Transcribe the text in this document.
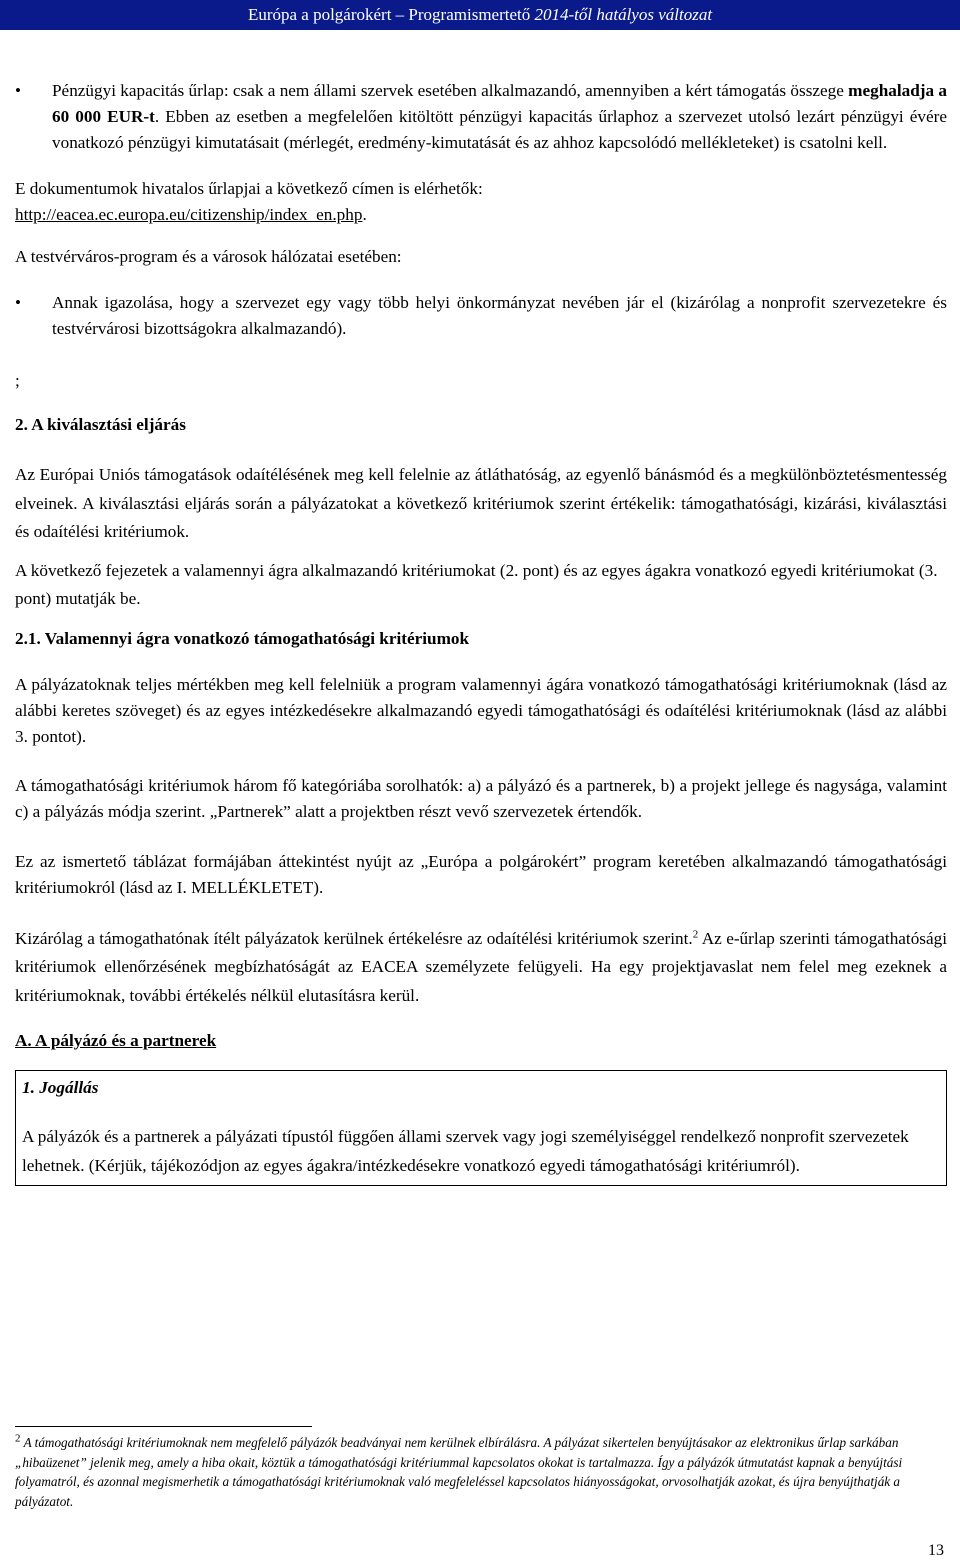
Európa a polgárokért – Programismertető 2014-től hatályos változat
• Pénzügyi kapacitás űrlap: csak a nem állami szervek esetében alkalmazandó, amennyiben a kért támogatás összege meghaladja a 60 000 EUR-t. Ebben az esetben a megfelelően kitöltött pénzügyi kapacitás űrlaphoz a szervezet utolsó lezárt pénzügyi évére vonatkozó pénzügyi kimutatásait (mérlegét, eredmény-kimutatását és az ahhoz kapcsolódó mellékleteket) is csatolni kell.

E dokumentumok hivatalos űrlapjai a következő címen is elérhetők:
http://eacea.ec.europa.eu/citizenship/index_en.php.

A testvérváros-program és a városok hálózatai esetében:

• Annak igazolása, hogy a szervezet egy vagy több helyi önkormányzat nevében jár el (kizárólag a nonprofit szervezetekre és testvérvárosi bizottságokra alkalmazandó).

;

2. A kiválasztási eljárás

Az Európai Uniós támogatások odaítélésének meg kell felelnie az átláthatóság, az egyenlő bánásmód és a megkülönböztetésmentesség elveinek. A kiválasztási eljárás során a pályázatokat a következő kritériumok szerint értékelik: támogathatósági, kizárási, kiválasztási és odaítélési kritériumok.

A következő fejezetek a valamennyi ágra alkalmazandó kritériumokat (2. pont) és az egyes ágakra vonatkozó egyedi kritériumokat (3. pont) mutatják be.

2.1. Valamennyi ágra vonatkozó támogathatósági kritériumok

A pályázatoknak teljes mértékben meg kell felelniük a program valamennyi ágára vonatkozó támogathatósági kritériumoknak (lásd az alábbi keretes szöveget) és az egyes intézkedésekre alkalmazandó egyedi támogathatósági és odaítélési kritériumoknak (lásd az alábbi 3. pontot).

A támogathatósági kritériumok három fő kategóriába sorolhatók: a) a pályázó és a partnerek, b) a projekt jellege és nagysága, valamint c) a pályázás módja szerint. „Partnerek” alatt a projektben részt vevő szervezetek értendők.

Ez az ismertető táblázat formájában áttekintést nyújt az „Európa a polgárokért” program keretében alkalmazandó támogathatósági kritériumokról (lásd az I. MELLÉKLETET).

Kizárólag a támogathatónak ítélt pályázatok kerülnek értékelésre az odaítélési kritériumok szerint.$^2$ Az e-űrlap szerinti támogathatósági kritériumok ellenőrzésének megbízhatóságát az EACEA személyzete felügyeli. Ha egy projektjavaslat nem felel meg ezeknek a kritériumoknak, további értékelés nélkül elutasításra kerül.

A. A pályázó és a partnerek

1. Jogállás

A pályázók és a partnerek a pályázati típustól függően állami szervek vagy jogi személyiséggel rendelkező nonprofit szervezetek lehetnek. (Kérjük, tájékozódjon az egyes ágakra/intézkedésekre vonatkozó egyedi támogathatósági kritériumról).

$^2$ A támogathatósági kritériumoknak nem megfelelő pályázók beadványai nem kerülnek elbírálásra. A pályázat sikertelen benyújtásakor az elektronikus űrlap sarkában „hibaüzenet” jelenik meg, amely a hiba okait, köztük a támogathatósági kritériummal kapcsolatos okokat is tartalmazza. Így a pályázók útmutatást kapnak a benyújtási folyamatról, és azonnal megismerhetik a támogathatósági kritériumoknak való megfeleléssel kapcsolatos hiányosságokat, orvosolhatják azokat, és újra benyújthatják a pályázatot.
13
